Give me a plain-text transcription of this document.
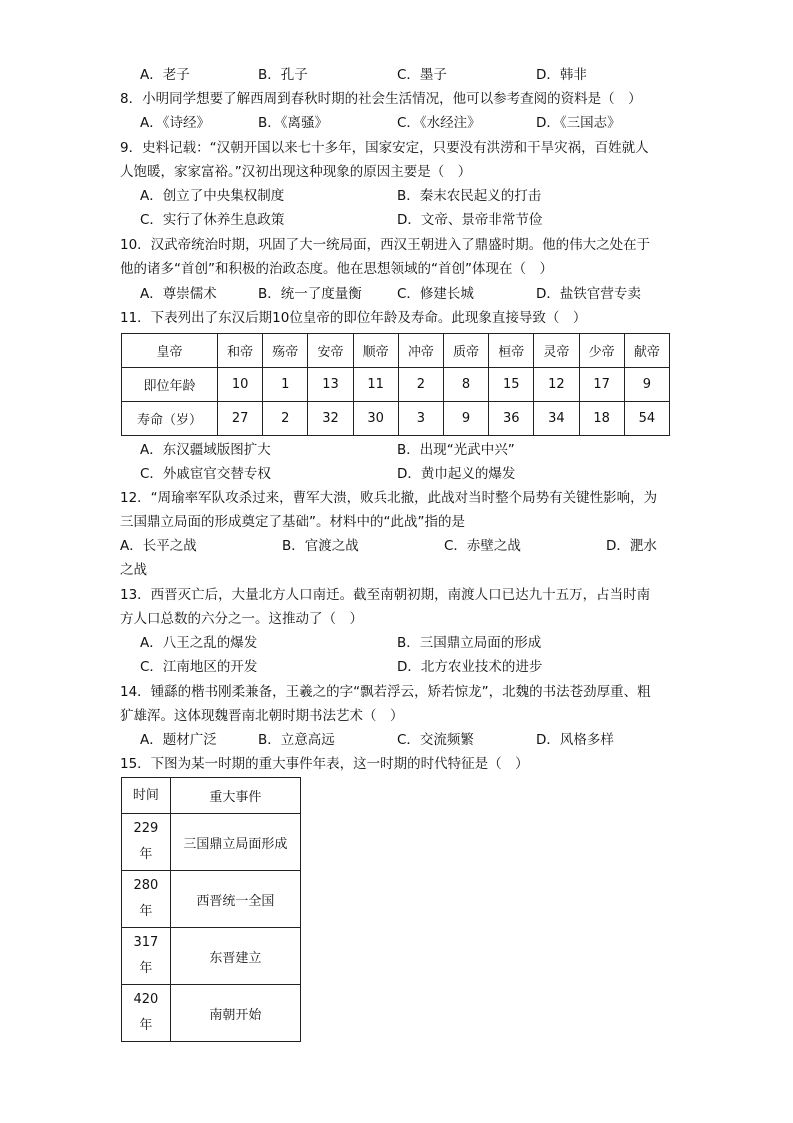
A．老子	B．孔子	C．墨子	D．韩非
8．小明同学想要了解西周到春秋时期的社会生活情况，他可以参考查阅的资料是（　）
A．《诗经》	B．《离骚》	C．《水经注》	D．《三国志》
9．史料记载：“汉朝开国以来七十多年，国家安定，只要没有洪涝和干旱灾祸，百姓就人
人饱暖，家家富裕。”汉初出现这种现象的原因主要是（　）
A．创立了中央集权制度	B．秦末农民起义的打击
C．实行了休养生息政策	D．文帝、景帝非常节俭
10．汉武帝统治时期，巩固了大一统局面，西汉王朝进入了鼎盛时期。他的伟大之处在于
他的诸多“首创”和积极的治政态度。他在思想领域的“首创”体现在（　）
A．尊崇儒术	B．统一了度量衡	C．修建长城	D．盐铁官营专卖
11．下表列出了东汉后期10位皇帝的即位年龄及寿命。此现象直接导致（　）
皇帝	和帝	殇帝	安帝	顺帝	冲帝	质帝	桓帝	灵帝	少帝	献帝
即位年龄	10	1	13	11	2	8	15	12	17	9
寿命（岁）	27	2	32	30	3	9	36	34	18	54
A．东汉疆域版图扩大	B．出现“光武中兴”
C．外戚宦官交替专权	D．黄巾起义的爆发
12．“周瑜率军队攻杀过来，曹军大溃，败兵北撤，此战对当时整个局势有关键性影响，为
三国鼎立局面的形成奠定了基础”。材料中的“此战”指的是
A．长平之战	B．官渡之战	C．赤壁之战	D．淝水
之战
13．西晋灭亡后，大量北方人口南迁。截至南朝初期，南渡人口已达九十五万，占当时南
方人口总数的六分之一。这推动了（　）
A．八王之乱的爆发	B．三国鼎立局面的形成
C．江南地区的开发	D．北方农业技术的进步
14．锺繇的楷书刚柔兼备，王羲之的字“飘若浮云，矫若惊龙”，北魏的书法苍劲厚重、粗
犷雄浑。这体现魏晋南北朝时期书法艺术（　）
A．题材广泛	B．立意高远	C．交流频繁	D．风格多样
15．下图为某一时期的重大事件年表，这一时期的时代特征是（　）
时间	重大事件
229
年	三国鼎立局面形成
280
年	西晋统一全国
317
年	东晋建立
420
年	南朝开始
